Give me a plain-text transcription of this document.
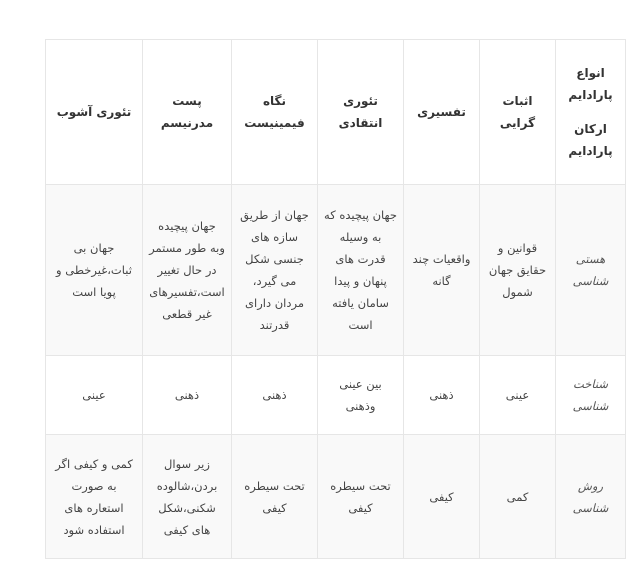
انواع پارادایم
ارکان پارادایم	اثبات گرایی	تفسیری	تئوری انتقادی	نگاه فیمینیست	پست مدرنیسم	تئوری آشوب
هستی شناسی	قوانین و حقایق جهان شمول	واقعیات چند گانه	جهان پیچیده که به وسیله قدرت های پنهان و پیدا سامان یافته است	جهان از طریق سازه های جنسی شکل می گیرد، مردان دارای قدرتند	جهان پیچیده وبه طور مستمر در حال تغییر است،تفسیرهای غیر قطعی	جهان بی ثبات،غیرخطی و پویا است
شناخت شناسی	عینی	ذهنی	بین عینی وذهنی	ذهنی	ذهنی	عینی
روش شناسی	کمی	کیفی	تحت سیطره کیفی	تحت سیطره کیفی	زیر سوال بردن،شالوده شکنی،شکل های کیفی	کمی و کیفی اگر به صورت استعاره های استفاده شود
